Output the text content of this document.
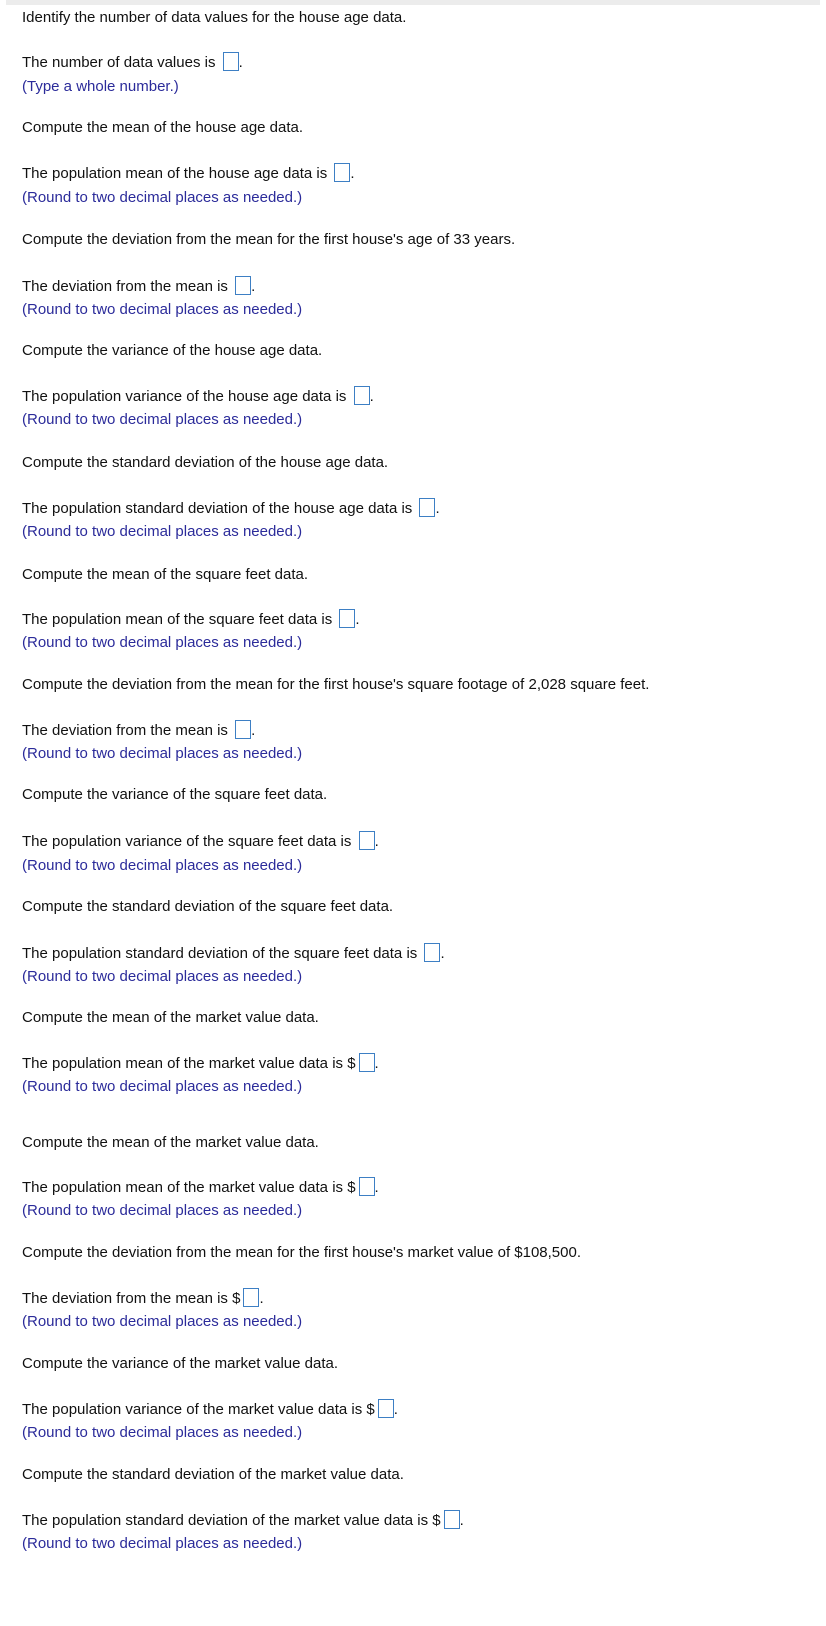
Identify the number of data values for the house age data.
The number of data values is .
(Type a whole number.)
Compute the mean of the house age data.
The population mean of the house age data is .
(Round to two decimal places as needed.)
Compute the deviation from the mean for the first house's age of 33 years.
The deviation from the mean is .
(Round to two decimal places as needed.)
Compute the variance of the house age data.
The population variance of the house age data is .
(Round to two decimal places as needed.)
Compute the standard deviation of the house age data.
The population standard deviation of the house age data is .
(Round to two decimal places as needed.)
Compute the mean of the square feet data.
The population mean of the square feet data is .
(Round to two decimal places as needed.)
Compute the deviation from the mean for the first house's square footage of 2,028 square feet.
The deviation from the mean is .
(Round to two decimal places as needed.)
Compute the variance of the square feet data.
The population variance of the square feet data is .
(Round to two decimal places as needed.)
Compute the standard deviation of the square feet data.
The population standard deviation of the square feet data is .
(Round to two decimal places as needed.)
Compute the mean of the market value data.
The population mean of the market value data is $ .
(Round to two decimal places as needed.)
Compute the mean of the market value data.
The population mean of the market value data is $ .
(Round to two decimal places as needed.)
Compute the deviation from the mean for the first house's market value of $108,500.
The deviation from the mean is $ .
(Round to two decimal places as needed.)
Compute the variance of the market value data.
The population variance of the market value data is $ .
(Round to two decimal places as needed.)
Compute the standard deviation of the market value data.
The population standard deviation of the market value data is $ .
(Round to two decimal places as needed.)
